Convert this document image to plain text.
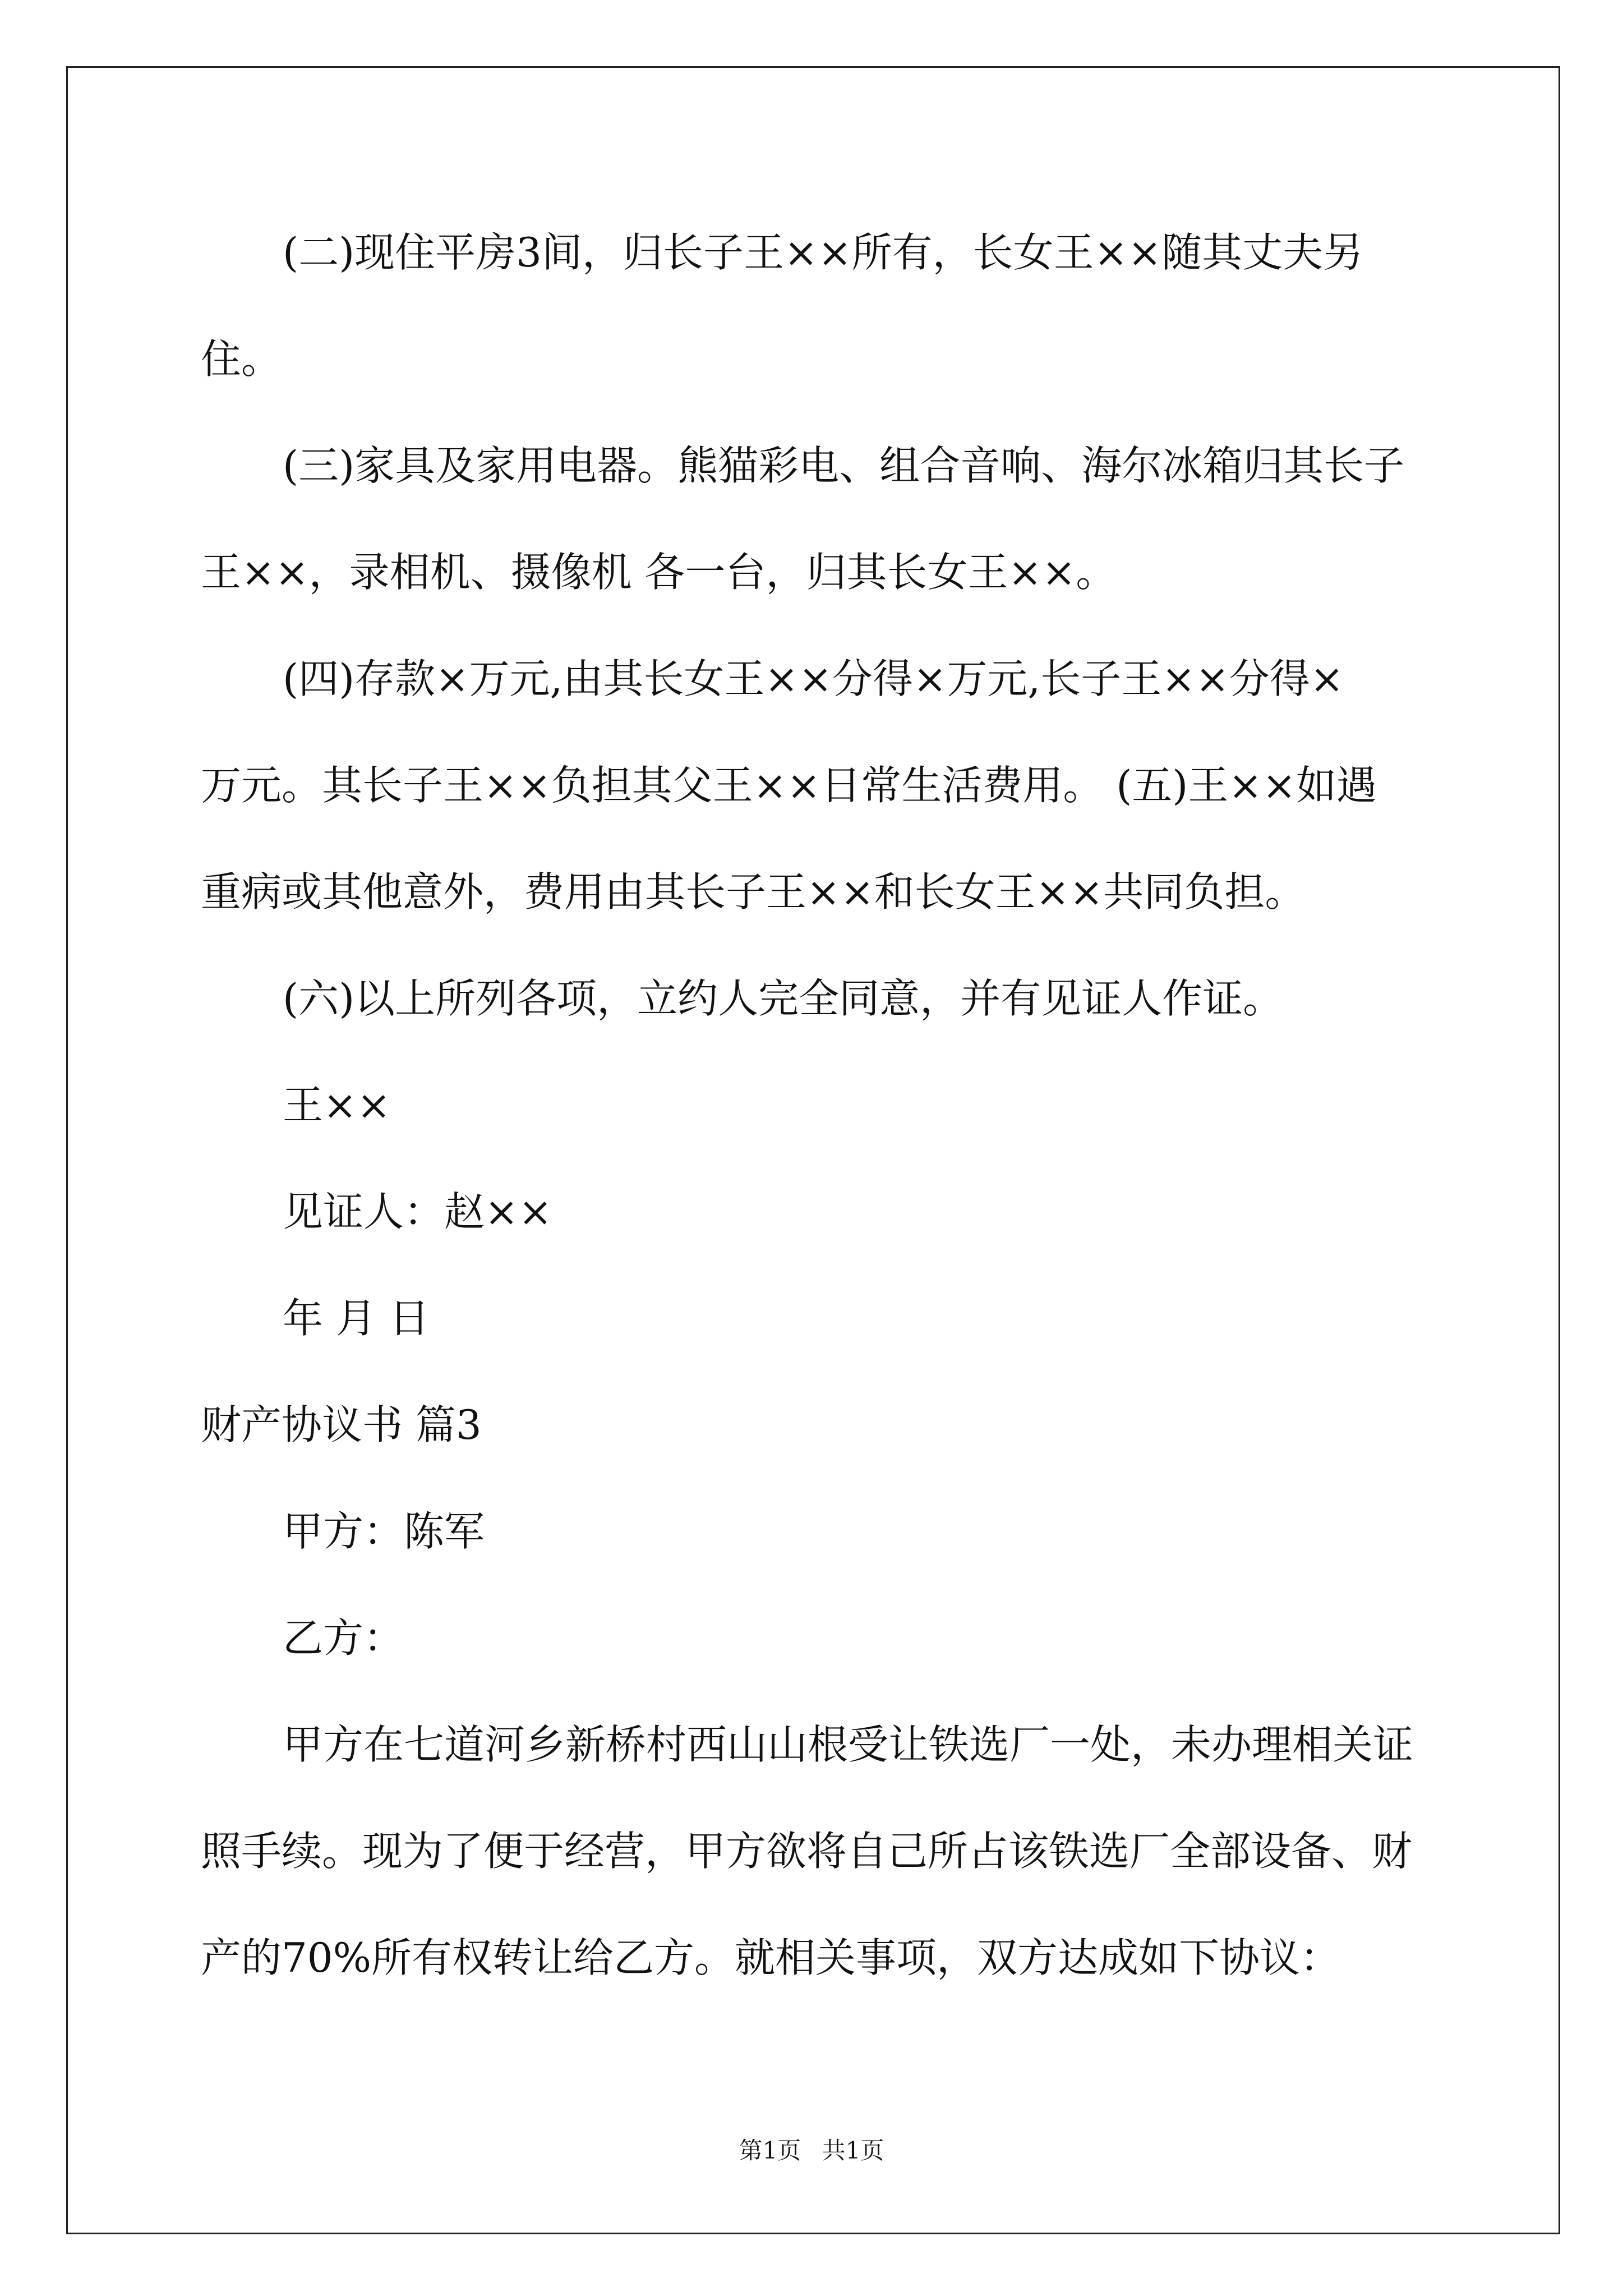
(二)现住平房3间，归长子王××所有，长女王××随其丈夫另
住。
(三)家具及家用电器。熊猫彩电、组合音响、海尔冰箱归其长子
王××，录相机、摄像机 各一台，归其长女王××。
(四)存款×万元,由其长女王××分得×万元,长子王××分得×
万元。其长子王××负担其父王××日常生活费用。 (五)王××如遇
重病或其他意外，费用由其长子王××和长女王××共同负担。
(六)以上所列各项，立约人完全同意，并有见证人作证。
王××
见证人：赵××
年 月 日
财产协议书 篇3
甲方：陈军
乙方：
甲方在七道河乡新桥村西山山根受让铁选厂一处，未办理相关证
照手续。现为了便于经营，甲方欲将自己所占该铁选厂全部设备、财
产的70%所有权转让给乙方。就相关事项，双方达成如下协议：
第1页 共1页
